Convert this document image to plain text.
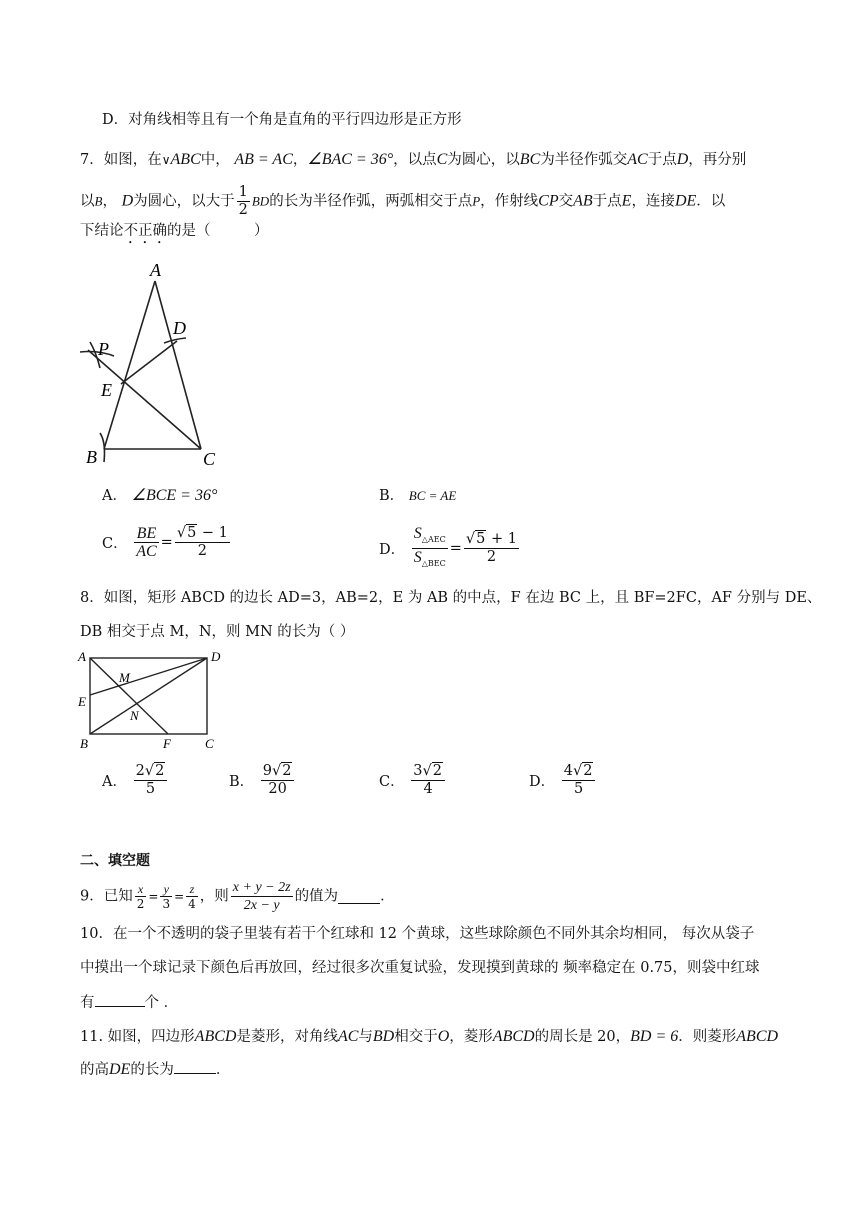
D．对角线相等且有一个角是直角的平行四边形是正方形
7．如图，在∨ABC中， AB = AC，∠BAC = 36°，以点C为圆心，以BC为半径作弧交AC于点D，再分别
以B， D为圆心，以大于 $\frac{1}{2}$ BD的长为半径作弧，两弧相交于点P，作射线CP交AB于点E，连接DE．以
下结论不正确的是（　　　）
A
D
P
E
B	C
A． ∠BCE = 36°	B． BC = AE
C． $\frac{BE}{AC} = \frac{√5 - 1}{2}$	D． $\frac{S_{\triangle AEC}}{S_{\triangle BEC}} = \frac{√5 + 1}{2}$
8．如图，矩形 ABCD 的边长 AD=3，AB=2，E 为 AB 的中点，F 在边 BC 上，且 BF=2FC，AF 分别与 DE、
DB 相交于点 M，N，则 MN 的长为（ ）
A	D
M
E
N
B	F	C
A． $\frac{2√2}{5}$	B． $\frac{9√2}{20}$	C． $\frac{3√2}{4}$	D． $\frac{4√2}{5}$
二、填空题
9．已知 $\frac{x}{2} = \frac{y}{3} = \frac{z}{4}$ ，则 $\frac{x + y - 2z}{2x - y}$ 的值为	．
10．在一个不透明的袋子里装有若干个红球和 12 个黄球，这些球除颜色不同外其余均相同， 每次从袋子
中摸出一个球记录下颜色后再放回，经过很多次重复试验，发现摸到黄球的 频率稳定在 0.75，则袋中红球
有	个 ．
11. 如图，四边形ABCD是菱形，对角线AC与BD相交于O，菱形ABCD的周长是 20，BD = 6．则菱形ABCD
的高DE的长为	．
